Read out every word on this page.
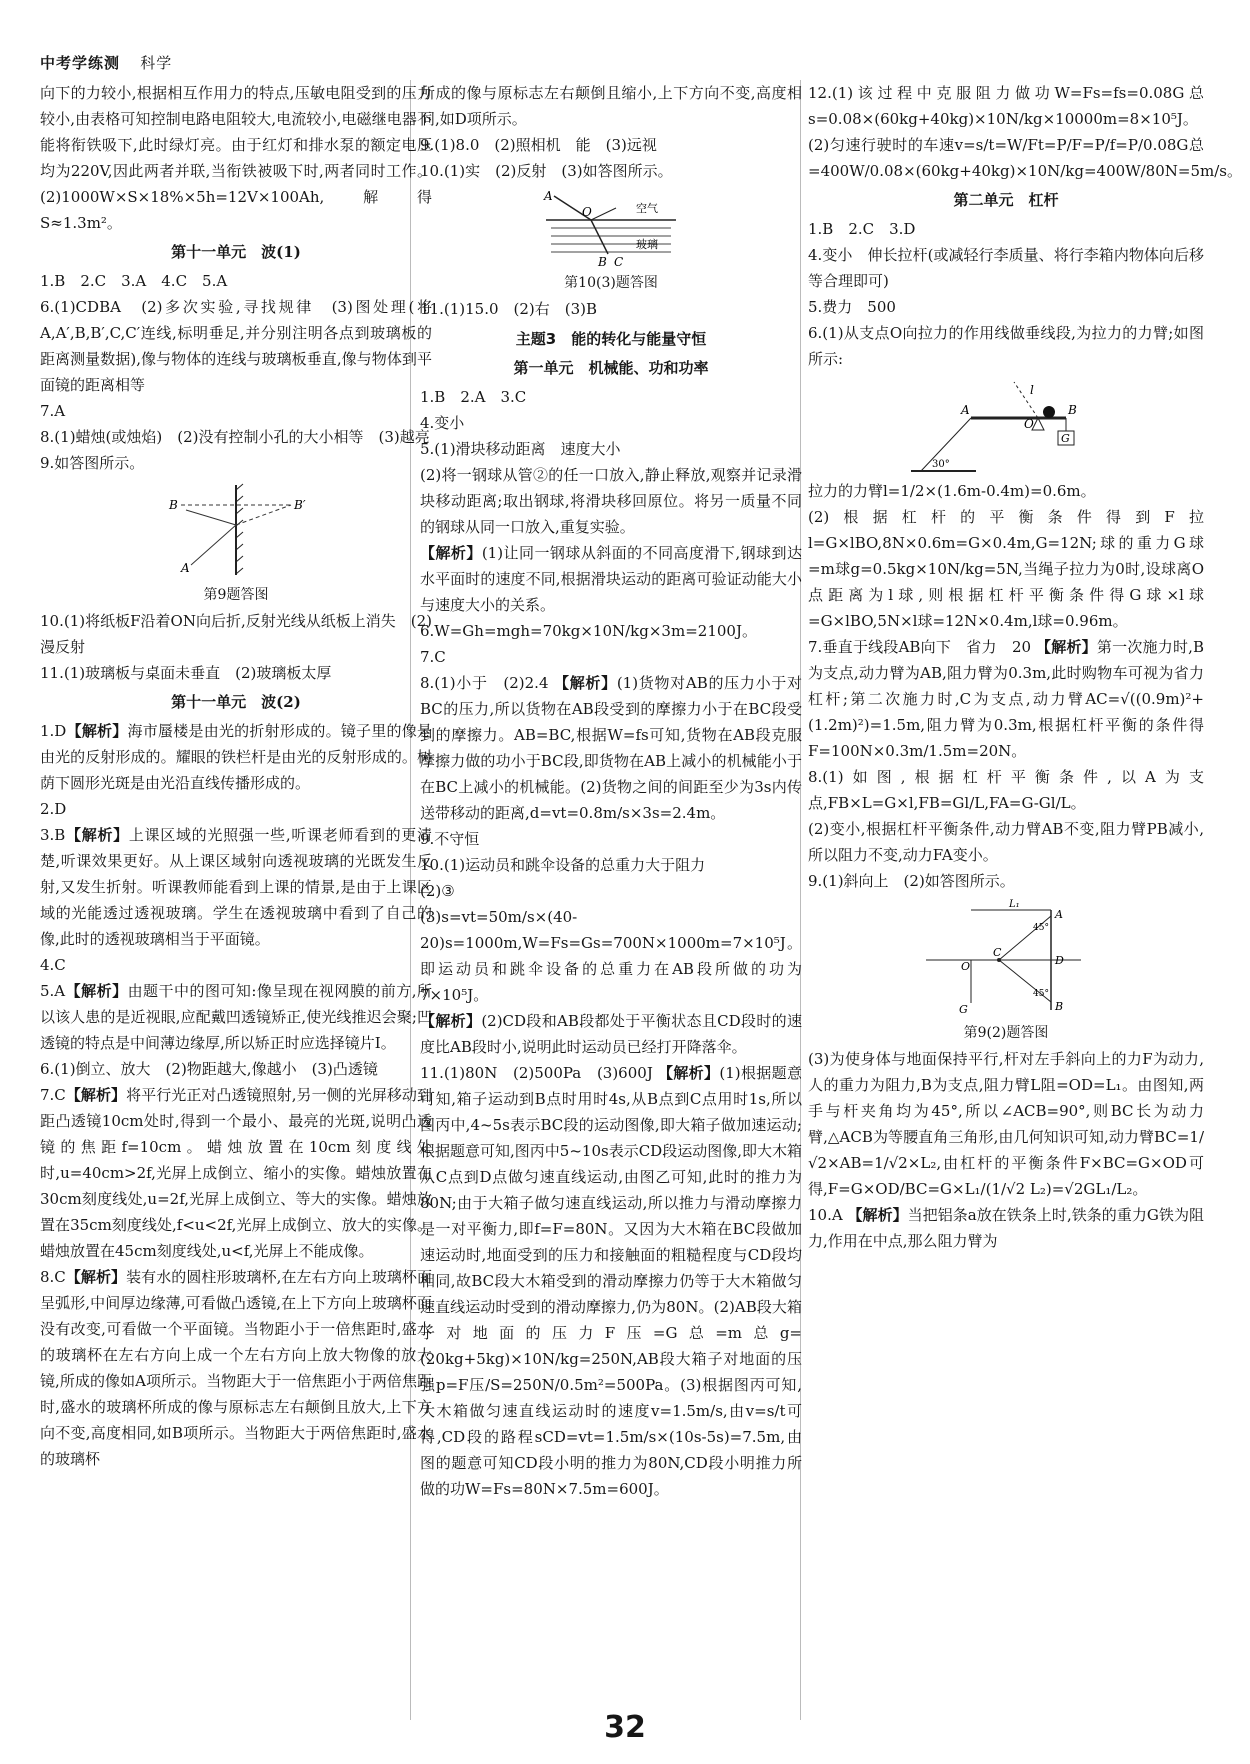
中考学练测 科学

向下的力较小,根据相互作用力的特点,压敏电阻受到的压力较小,由表格可知控制电路电阻较大,电流较小,电磁继电器不能将衔铁吸下,此时绿灯亮。由于红灯和排水泵的额定电压均为220V,因此两者并联,当衔铁被吸下时,两者同时工作。(2)1000W×S×18%×5h=12V×100Ah,解得S≈1.3m²。

第十一单元　波(1)

1.B　2.C　3.A　4.C　5.A

6.(1)CDBA　(2)多次实验,寻找规律　(3)图处理(将A,A′,B,B′,C,C′连线,标明垂足,并分别注明各点到玻璃板的距离测量数据),像与物体的连线与玻璃板垂直,像与物体到平面镜的距离相等

7.A

8.(1)蜡烛(或烛焰)　(2)没有控制小孔的大小相等　(3)越亮

9.如答图所示。

B	B′
A

第9题答图

10.(1)将纸板F沿着ON向后折,反射光线从纸板上消失　(2)漫反射

11.(1)玻璃板与桌面未垂直　(2)玻璃板太厚

第十一单元　波(2)

1.D【解析】海市蜃楼是由光的折射形成的。镜子里的像是由光的反射形成的。耀眼的铁栏杆是由光的反射形成的。树荫下圆形光斑是由光沿直线传播形成的。

2.D

3.B【解析】上课区域的光照强一些,听课老师看到的更清楚,听课效果更好。从上课区域射向透视玻璃的光既发生反射,又发生折射。听课教师能看到上课的情景,是由于上课区域的光能透过透视玻璃。学生在透视玻璃中看到了自己的像,此时的透视玻璃相当于平面镜。

4.C

5.A【解析】由题干中的图可知:像呈现在视网膜的前方,所以该人患的是近视眼,应配戴凹透镜矫正,使光线推迟会聚;凹透镜的特点是中间薄边缘厚,所以矫正时应选择镜片Ⅰ。

6.(1)倒立、放大　(2)物距越大,像越小　(3)凸透镜

7.C【解析】将平行光正对凸透镜照射,另一侧的光屏移动到距凸透镜10cm处时,得到一个最小、最亮的光斑,说明凸透镜的焦距f=10cm。蜡烛放置在10cm刻度线处时,u=40cm>2f,光屏上成倒立、缩小的实像。蜡烛放置在30cm刻度线处,u=2f,光屏上成倒立、等大的实像。蜡烛放置在35cm刻度线处,f<u<2f,光屏上成倒立、放大的实像。蜡烛放置在45cm刻度线处,u<f,光屏上不能成像。

8.C【解析】装有水的圆柱形玻璃杯,在左右方向上玻璃杯面呈弧形,中间厚边缘薄,可看做凸透镜,在上下方向上玻璃杯面没有改变,可看做一个平面镜。当物距小于一倍焦距时,盛水的玻璃杯在左右方向上成一个左右方向上放大物像的放大镜,所成的像如A项所示。当物距大于一倍焦距小于两倍焦距时,盛水的玻璃杯所成的像与原标志左右颠倒且放大,上下方向不变,高度相同,如B项所示。当物距大于两倍焦距时,盛水的玻璃杯

所成的像与原标志左右颠倒且缩小,上下方向不变,高度相同,如D项所示。

9.(1)8.0　(2)照相机　能　(3)远视

10.(1)实　(2)反射　(3)如答图所示。

A
O	空气
玻璃
B C

第10(3)题答图

11.(1)15.0　(2)右　(3)B

主题3　能的转化与能量守恒

第一单元　机械能、功和功率

1.B　2.A　3.C

4.变小

5.(1)滑块移动距离　速度大小

(2)将一钢球从管②的任一口放入,静止释放,观察并记录滑块移动距离;取出钢球,将滑块移回原位。将另一质量不同的钢球从同一口放入,重复实验。

【解析】(1)让同一钢球从斜面的不同高度滑下,钢球到达水平面时的速度不同,根据滑块运动的距离可验证动能大小与速度大小的关系。

6.W=Gh=mgh=70kg×10N/kg×3m=2100J。

7.C

8.(1)小于　(2)2.4 【解析】(1)货物对AB的压力小于对BC的压力,所以货物在AB段受到的摩擦力小于在BC段受到的摩擦力。AB=BC,根据W=fs可知,货物在AB段克服摩擦力做的功小于BC段,即货物在AB上减小的机械能小于在BC上减小的机械能。(2)货物之间的间距至少为3s内传送带移动的距离,d=vt=0.8m/s×3s=2.4m。

9.不守恒

10.(1)运动员和跳伞设备的总重力大于阻力

(2)③

(3)s=vt=50m/s×(40-20)s=1000m,W=Fs=Gs=700N×1000m=7×10⁵J。即运动员和跳伞设备的总重力在AB段所做的功为7×10⁵J。

【解析】(2)CD段和AB段都处于平衡状态且CD段时的速度比AB段时小,说明此时运动员已经打开降落伞。

11.(1)80N　(2)500Pa　(3)600J 【解析】(1)根据题意可知,箱子运动到B点时用时4s,从B点到C点用时1s,所以图丙中,4~5s表示BC段的运动图像,即大箱子做加速运动;根据题意可知,图丙中5~10s表示CD段运动图像,即大木箱从C点到D点做匀速直线运动,由图乙可知,此时的推力为80N;由于大箱子做匀速直线运动,所以推力与滑动摩擦力是一对平衡力,即f=F=80N。又因为大木箱在BC段做加速运动时,地面受到的压力和接触面的粗糙程度与CD段均相同,故BC段大木箱受到的滑动摩擦力仍等于大木箱做匀速直线运动时受到的滑动摩擦力,仍为80N。(2)AB段大箱子对地面的压力F压=G总=m总g=(20kg+5kg)×10N/kg=250N,AB段大箱子对地面的压强p=F压/S=250N/0.5m²=500Pa。(3)根据图丙可知,大木箱做匀速直线运动时的速度v=1.5m/s,由v=s/t可得,CD段的路程sCD=vt=1.5m/s×(10s-5s)=7.5m,由图的题意可知CD段小明的推力为80N,CD段小明推力所做的功W=Fs=80N×7.5m=600J。

12.(1)该过程中克服阻力做功W=Fs=fs=0.08G总s=0.08×(60kg+40kg)×10N/kg×10000m=8×10⁵J。

(2)匀速行驶时的车速v=s/t=W/Ft=P/F=P/f=P/0.08G总=400W/0.08×(60kg+40kg)×10N/kg=400W/80N=5m/s。

第二单元　杠杆

1.B　2.C　3.D

4.变小　伸长拉杆(或减轻行李质量、将行李箱内物体向后移等合理即可)

5.费力　500

6.(1)从支点O向拉力的作用线做垂线段,为拉力的力臂;如图所示:

A
O
B
G
l
30°

拉力的力臂l=1/2×(1.6m-0.4m)=0.6m。

(2)根据杠杆的平衡条件得到F拉 l=G×lBO,8N×0.6m=G×0.4m,G=12N;球的重力G球=m球g=0.5kg×10N/kg=5N,当绳子拉力为0时,设球离O点距离为l球,则根据杠杆平衡条件得G球×l球=G×lBO,5N×l球=12N×0.4m,l球=0.96m。

7.垂直于线段AB向下　省力　20 【解析】第一次施力时,B为支点,动力臂为AB,阻力臂为0.3m,此时购物车可视为省力杠杆;第二次施力时,C为支点,动力臂AC=√((0.9m)²+(1.2m)²)=1.5m,阻力臂为0.3m,根据杠杆平衡的条件得F=100N×0.3m/1.5m=20N。

8.(1)如图,根据杠杆平衡条件,以A为支点,FB×L=G×l,FB=Gl/L,FA=G-Gl/L。

(2)变小,根据杠杆平衡条件,动力臂AB不变,阻力臂PB减小,所以阻力不变,动力FA变小。

9.(1)斜向上　(2)如答图所示。

L₁
A
C
O	D
G	B
45°
45°

第9(2)题答图

(3)为使身体与地面保持平行,杆对左手斜向上的力F为动力,人的重力为阻力,B为支点,阻力臂L阻=OD=L₁。由图知,两手与杆夹角均为45°,所以∠ACB=90°,则BC长为动力臂,△ACB为等腰直角三角形,由几何知识可知,动力臂BC=1/√2×AB=1/√2×L₂,由杠杆的平衡条件F×BC=G×OD可得,F=G×OD/BC=G×L₁/(1/√2 L₂)=√2GL₁/L₂。

10.A 【解析】当把铝条a放在铁条上时,铁条的重力G铁为阻力,作用在中点,那么阻力臂为

32
